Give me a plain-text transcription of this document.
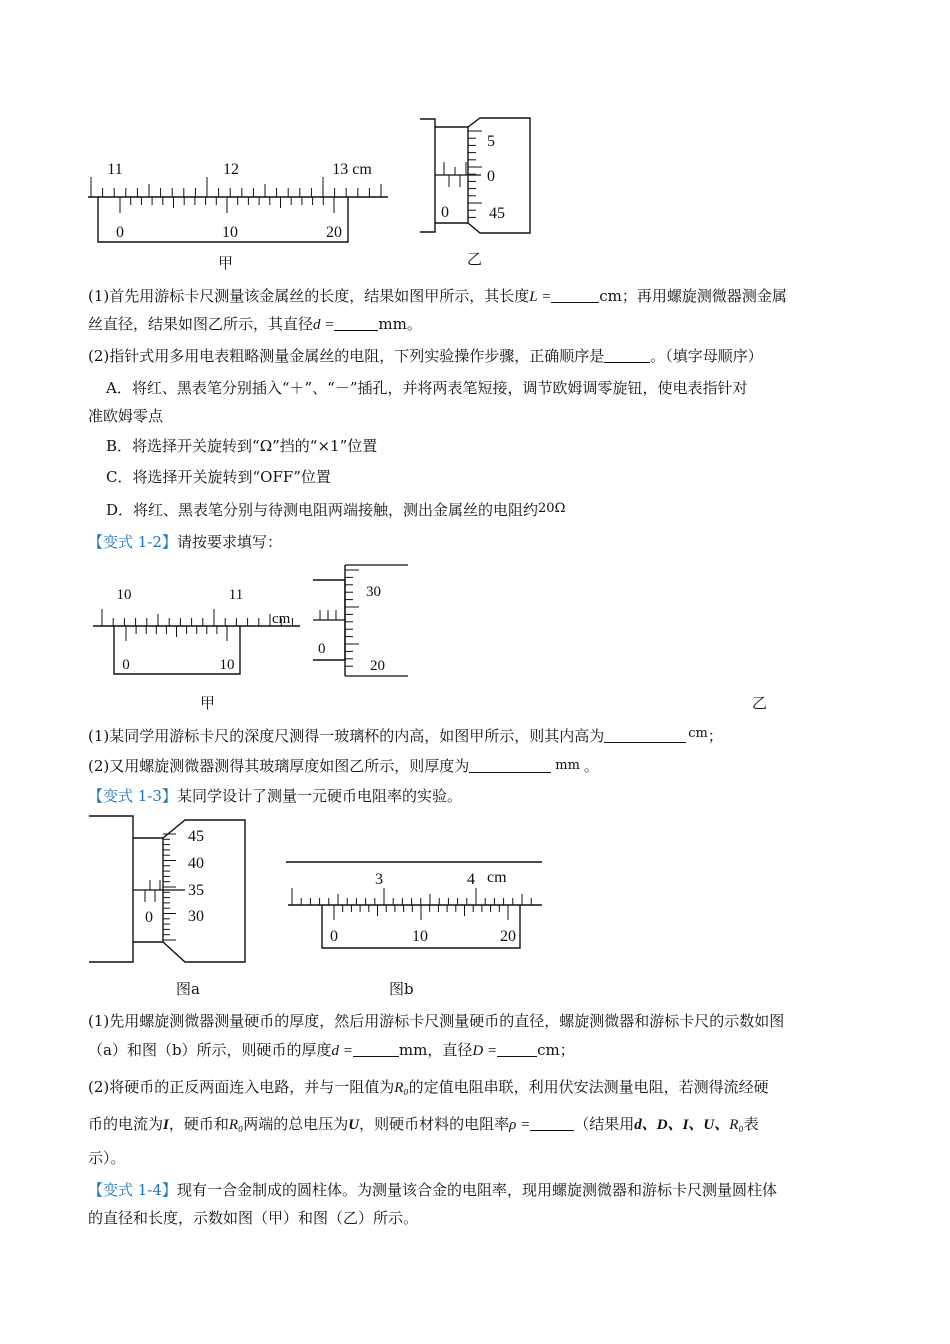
11	12	13 cm
0	10	20
甲
5
0
45
0
乙
(1)首先用游标卡尺测量该金属丝的长度，结果如图甲所示，其长度L =	cm；再用螺旋测微器测金属
丝直径，结果如图乙所示，其直径d =	mm。
(2)指针式用多用电表粗略测量金属丝的电阻，下列实验操作步骤，正确顺序是	。（填字母顺序）
A．将红、黑表笔分别插入“＋”、“－”插孔，并将两表笔短接，调节欧姆调零旋钮，使电表指针对
准欧姆零点
B．将选择开关旋转到“Ω”挡的“×1”位置
C．将选择开关旋转到“OFF”位置
D．将红、黑表笔分别与待测电阻两端接触，测出金属丝的电阻约20Ω
【变式 1-2】请按要求填写：
10	11
cm
0	10
30
20
0
甲	乙
(1)某同学用游标卡尺的深度尺测得一玻璃杯的内高，如图甲所示，则其内高为	cm；
(2)又用螺旋测微器测得其玻璃厚度如图乙所示，则厚度为	mm 。
【变式 1-3】某同学设计了测量一元硬币电阻率的实验。
45
40
35
30
0
3	4 cm
0	10	20
图a	图b
(1)先用螺旋测微器测量硬币的厚度，然后用游标卡尺测量硬币的直径，螺旋测微器和游标卡尺的示数如图
（a）和图（b）所示，则硬币的厚度d =	mm，直径D =	cm；
(2)将硬币的正反两面连入电路，并与一阻值为R₀的定值电阻串联，利用伏安法测量电阻，若测得流经硬
币的电流为I，硬币和R₀两端的总电压为U，则硬币材料的电阻率ρ =	（结果用d、D、I、U、R₀表
示）。
【变式 1-4】现有一合金制成的圆柱体。为测量该合金的电阻率，现用螺旋测微器和游标卡尺测量圆柱体
的直径和长度，示数如图（甲）和图（乙）所示。
